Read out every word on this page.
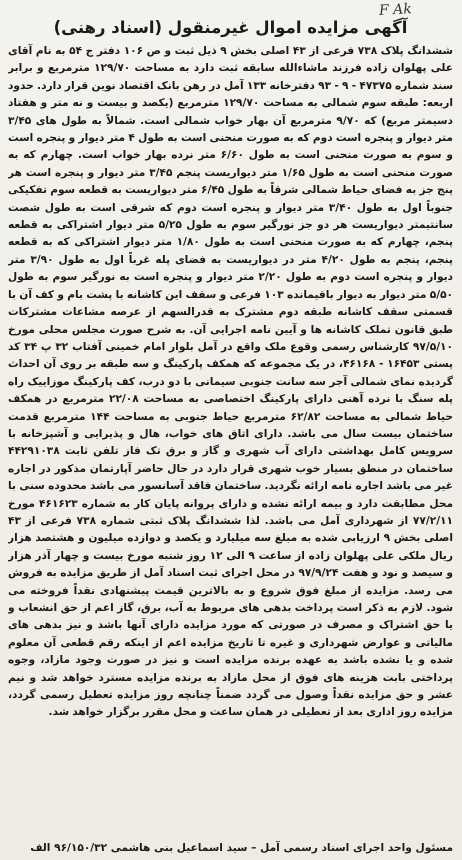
F Ak
آگهی مزایده اموال غیرمنقول (اسناد رهنی)
ششدانگ پلاک ۷۳۸ فرعی از ۴۳ اصلی بخش ۹ ذیل ثبت و ص ۱۰۶ دفتر ج ۵۴ به نام آقای علی پهلوان زاده فرزند ماشاءالله سابقه ثبت دارد به مساحت ۱۲۹/۷۰ مترمربع و برابر سند شماره ۴۷۳۷۵ - ۹ - ۹۳ دفترخانه ۱۳۳ آمل در رهن بانک اقتصاد نوین قرار دارد. حدود اربعه: طبقه سوم شمالی به مساحت ۱۲۹/۷۰ مترمربع (یکصد و بیست و نه متر و هفتاد دسیمتر مربع) که ۹/۷۰ مترمربع آن بهار خواب شمالی است. شمالاً به طول های ۳/۴۵ متر دیوار و پنجره است دوم که به صورت منحنی است به طول ۴ متر دیوار و پنجره است و سوم به صورت منحنی است به طول ۶/۶۰ متر نرده بهار خواب است. چهارم که به صورت منحنی است به طول ۱/۶۵ متر دیواریست پنجم ۳/۴۵ متر دیوار و پنجره است هر پنج جز به فضای حیاط شمالی شرقاً به طول ۶/۴۵ متر دیواریست به قطعه سوم تفکیکی جنوباً اول به طول ۳/۴۰ متر دیوار و پنجره است دوم که شرقی است به طول شصت سانتیمتر دیواریست هر دو جز نورگیر سوم به طول ۵/۲۵ متر دیوار اشتراکی به قطعه پنجم، چهارم که به صورت منحنی است به طول ۱/۸۰ متر دیوار اشتراکی که به قطعه پنجم، پنجم به طول ۴/۲۰ متر در دیواریست به فضای پله غرباً اول به طول ۳/۹۰ متر دیوار و پنجره است دوم به طول ۲/۲۰ متر دیوار و پنجره است به نورگیر سوم به طول ۵/۵۰ متر دیوار به دیوار باقیمانده ۱۰۳ فرعی و سقف این کاشانه با پشت بام و کف آن با قسمتی سقف کاشانه طبقه دوم مشترک به قدرالسهم از عرصه مشاعات مشترکات طبق قانون تملک کاشانه ها و آیین نامه اجرایی آن. به شرح صورت مجلس محلی مورخ ۹۷/۵/۱۰ کارشناس رسمی وقوع ملک واقع در آمل بلوار امام خمینی آفتاب ۳۲ پ ۳۴ کد پستی ۱۶۴۵۳ - ۴۶۱۶۸، در یک مجموعه که همکف پارکینگ و سه طبقه بر روی آن احداث گردیده نمای شمالی آجر سه سانت جنوبی سیمانی با دو درب، کف پارکینگ موزاییک راه پله سنگ با نرده آهنی دارای پارکینگ اختصاصی به مساحت ۲۲/۰۸ مترمربع در همکف حیاط شمالی به مساحت ۶۲/۸۲ مترمربع حیاط جنوبی به مساحت ۱۴۴ مترمربع قدمت ساختمان بیست سال می باشد. دارای اتاق های خواب، هال و پذیرایی و آشپزخانه با سرویس کامل بهداشتی دارای آب شهری و گاز و برق تک فاز تلفن ثابت ۴۴۲۹۱۰۳۸ ساختمان در منطق بسیار خوب شهری قرار دارد در حال حاضر آپارتمان مذکور در اجاره غیر می باشد اجاره نامه ارائه نگردید. ساختمان فاقد آسانسور می باشد محدوده سنی با محل مطابقت دارد و بیمه ارائه نشده و دارای پروانه پایان کار به شماره ۴۶۱۶۲۳ مورخ ۷۷/۲/۱۱ از شهرداری آمل می باشد. لذا ششدانگ پلاک ثبتی شماره ۷۳۸ فرعی از ۴۳ اصلی بخش ۹ ارزیابی شده به مبلغ سه میلیارد و یکصد و دوازده میلیون و هشتصد هزار ریال ملکی علی پهلوان زاده از ساعت ۹ الی ۱۲ روز شنبه مورخ بیست و چهار آذر هزار و سیصد و نود و هفت ۹۷/۹/۲۴ در محل اجرای ثبت اسناد آمل از طریق مزایده به فروش می رسد. مزایده از مبلغ فوق شروع و به بالاترین قیمت پیشنهادی نقداً فروخته می شود. لازم به ذکر است پرداخت بدهی های مربوط به آب، برق، گاز اعم از حق انشعاب و یا حق اشتراک و مصرف در صورتی که مورد مزایده دارای آنها باشد و نیز بدهی های مالیاتی و عوارض شهرداری و غیره تا تاریخ مزایده اعم از اینکه رقم قطعی آن معلوم شده و یا نشده باشد به عهده برنده مزایده است و نیز در صورت وجود مازاد، وجوه پرداختی بابت هزینه های فوق از محل مازاد به برنده مزایده مسترد خواهد شد و نیم عشر و حق مزایده نقداً وصول می گردد ضمناً چنانچه روز مزایده تعطیل رسمی گردد، مزایده روز اداری بعد از تعطیلی در همان ساعت و محل مقرر برگزار خواهد شد.
مسئول واحد اجرای اسناد رسمی آمل – سید اسماعیل بنی هاشمی ۹۶/۱۵۰/۳۲ الف
